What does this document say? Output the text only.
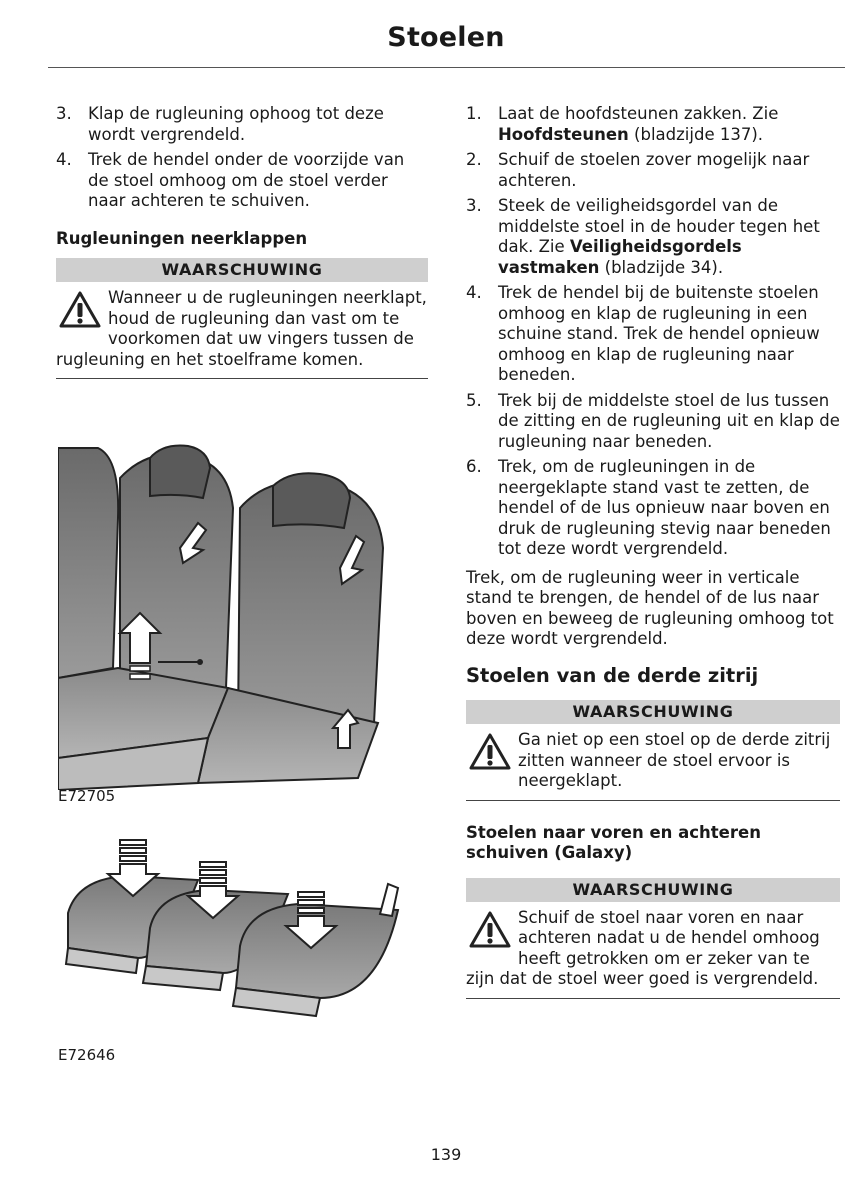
Stoelen
3. Klap de rugleuning ophoog tot deze wordt vergrendeld.
4. Trek de hendel onder de voorzijde van de stoel omhoog om de stoel verder naar achteren te schuiven.
Rugleuningen neerklappen
WAARSCHUWING
Wanneer u de rugleuningen neerklapt, houd de rugleuning dan vast om te voorkomen dat uw vingers tussen de rugleuning en het stoelframe komen.
E72705
E72646
1. Laat de hoofdsteunen zakken. Zie Hoofdsteunen (bladzijde 137).
2. Schuif de stoelen zover mogelijk naar achteren.
3. Steek de veiligheidsgordel van de middelste stoel in de houder tegen het dak. Zie Veiligheidsgordels vastmaken (bladzijde 34).
4. Trek de hendel bij de buitenste stoelen omhoog en klap de rugleuning in een schuine stand. Trek de hendel opnieuw omhoog en klap de rugleuning naar beneden.
5. Trek bij de middelste stoel de lus tussen de zitting en de rugleuning uit en klap de rugleuning naar beneden.
6. Trek, om de rugleuningen in de neergeklapte stand vast te zetten, de hendel of de lus opnieuw naar boven en druk de rugleuning stevig naar beneden tot deze wordt vergrendeld.
Trek, om de rugleuning weer in verticale stand te brengen, de hendel of de lus naar boven en beweeg de rugleuning omhoog tot deze wordt vergrendeld.
Stoelen van de derde zitrij
WAARSCHUWING
Ga niet op een stoel op de derde zitrij zitten wanneer de stoel ervoor is neergeklapt.
Stoelen naar voren en achteren schuiven (Galaxy)
WAARSCHUWING
Schuif de stoel naar voren en naar achteren nadat u de hendel omhoog heeft getrokken om er zeker van te zijn dat de stoel weer goed is vergrendeld.
139
